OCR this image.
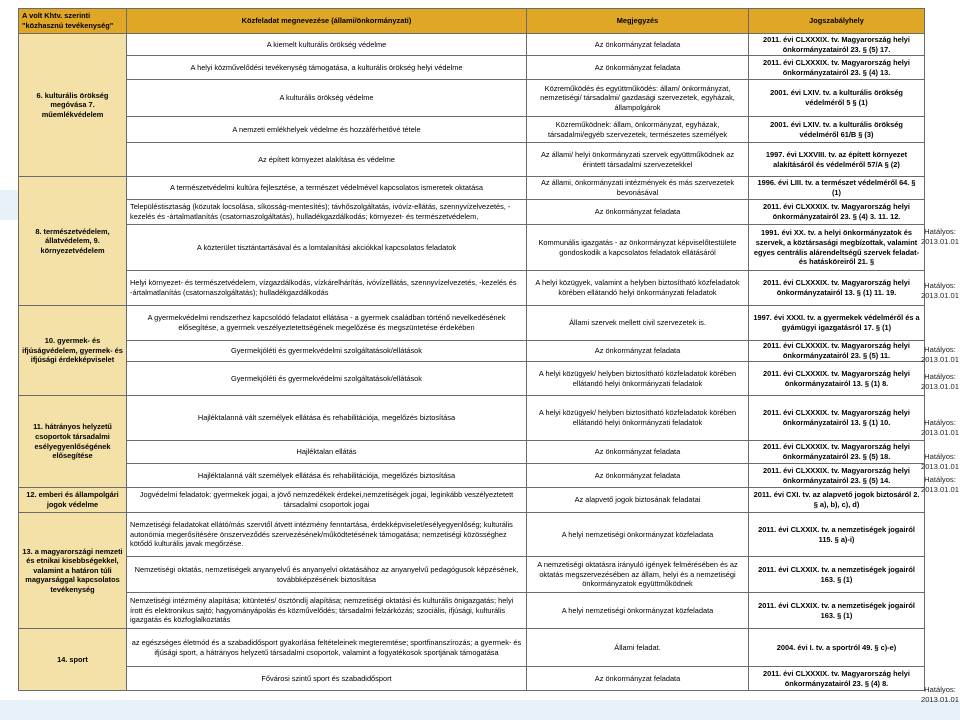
A volt Khtv. szerinti "közhasznú tevékenység"	Közfeladat megnevezése (állami/önkormányzati)	Megjegyzés	Jogszabályhely
6. kulturális örökség megóvása 7. műemlékvédelem	A kiemelt kulturális örökség védelme	Az önkormányzat feladata	2011. évi CLXXXIX. tv. Magyarország helyi önkormányzatairól 23. § (5) 17.
	A helyi közművelődési tevékenység támogatása, a kulturális örökség helyi védelme	Az önkormányzat feladata	2011. évi CLXXXIX. tv. Magyarország helyi önkormányzatairól 23. § (4) 13.
	A kulturális örökség védelme	Közreműködés és együttműködés: állam/ önkormányzat, nemzetiségi/ társadalmi/ gazdasági szervezetek, egyházak, állampolgárok	2001. évi LXIV. tv. a kulturális örökség védelméről 5 § (1)
	A nemzeti emlékhelyek védelme és hozzáférhetővé tétele	Közreműködnek: állam, önkormányzat, egyházak, társadalmi/egyéb szervezetek, természetes személyek	2001. évi LXIV. tv. a kulturális örökség védelméről 61/B § (3)
	Az épített környezet alakítása és védelme	Az állami/ helyi önkormányzati szervek együttműködnek az érintett társadalmi szervezetekkel	1997. évi LXXVIII. tv. az épített környezet alakításáról és védelméről 57/A § (2)
8. természetvédelem, állatvédelem, 9. környezetvédelem	A természetvédelmi kultúra fejlesztése, a természet védelmével kapcsolatos ismeretek oktatása	Az állami, önkormányzati intézmények és más szervezetek bevonásával	1996. évi LIII. tv. a természet védelméről 64. § (1)
	Településtisztaság (közutak locsolása, síkosság-mentesítés); távhőszolgáltatás, ivóvíz-ellátás, szennyvízelvezetés, -kezelés és -ártalmatlanítás (csatornaszolgáltatás), hulladékgazdálkodás; környezet- és természetvédelem,	Az önkormányzat feladata	2011. évi CLXXXIX. tv. Magyarország helyi önkormányzatairól 23. § (4) 3. 11. 12.
	A közterület tisztántartásával és a lomtalanítási akciókkal kapcsolatos feladatok	Kommunális igazgatás - az önkormányzat képviselőtestülete gondoskodik a kapcsolatos feladatok ellátásáról	1991. évi XX. tv. a helyi önkormányzatok és szervek, a köztársasági megbízottak, valamint egyes centrális alárendeltségű szervek feladat- és hatásköreiről 21. §
	Helyi környezet- és természetvédelem, vízgazdálkodás, vízkárelhárítás, ivóvízellátás, szennyvízelvezetés, -kezelés és -ártalmatlanítás (csatornaszolgáltatás); hulladékgazdálkodás	A helyi közügyek, valamint a helyben biztosítható közfeladatok körében ellátandó helyi önkormányzati feladatok	2011. évi CLXXXIX. tv. Magyarország helyi önkormányzatairól 13. § (1) 11. 19.
10. gyermek- és ifjúságvédelem, gyermek- és ifjúsági érdekképviselet	A gyermekvédelmi rendszerhez kapcsolódó feladatot ellátása - a gyermek családban történő nevelkedésének elősegítése, a gyermek veszélyeztetettségének megelőzése és megszüntetése érdekében	Állami szervek mellett civil szervezetek is.	1997. évi XXXI. tv. a gyermekek védelméről és a gyámügyi igazgatásról 17. § (1)
	Gyermekjóléti és gyermekvédelmi szolgáltatások/ellátások	Az önkormányzat feladata	2011. évi CLXXXIX. tv. Magyarország helyi önkormányzatairól 23. § (5) 11.
	Gyermekjóléti és gyermekvédelmi szolgáltatások/ellátások	A helyi közügyek/ helyben biztosítható közfeladatok körében ellátandó helyi önkormányzati feladatok	2011. évi CLXXXIX. tv. Magyarország helyi önkormányzatairól 13. § (1) 8.
11. hátrányos helyzetű csoportok társadalmi esélyegyenlőségének elősegítése	Hajléktalanná vált személyek ellátása és rehabilitációja, megelőzés biztosítása	A helyi közügyek/ helyben biztosítható közfeladatok körében ellátandó helyi önkormányzati feladatok	2011. évi CLXXXIX. tv. Magyarország helyi önkormányzatairól 13. § (1) 10.
	Hajléktalan ellátás	Az önkormányzat feladata	2011. évi CLXXXIX. tv. Magyarország helyi önkormányzatairól 23. § (5) 18.
	Hajléktalanná vált személyek ellátása és rehabilitációja, megelőzés biztosítása	Az önkormányzat feladata	2011. évi CLXXXIX. tv. Magyarország helyi önkormányzatairól 23. § (5) 14.
12. emberi és állampolgári jogok védelme	Jogvédelmi feladatok: gyermekek jogai, a jövő nemzedékek érdekei,nemzetiségek jogai, leginkább veszélyeztetett társadalmi csoportok jogai	Az alapvető jogok biztosának feladatai	2011. évi CXI. tv. az alapvető jogok biztosáról 2. § a), b), c), d)
13. a magyarországi nemzeti és etnikai kisebbségekkel, valamint a határon túli magyarsággal kapcsolatos tevékenység	Nemzetiségi feladatokat ellátó/más szervtől átvett intézmény fenntartása, érdekképviselet/esélyegyenlőség; kulturális autonómia megerősítésére önszerveződés szervezésének/működtetésének támogatása; nemzetiségi közösséghez kötődő kulturális javak megőrzése.	A helyi nemzetiségi önkormányzat közfeladata	2011. évi CLXXIX. tv. a nemzetiségek jogairól 115. § a)-i)
	Nemzetiségi oktatás, nemzetiségek anyanyelvű és anyanyelvi oktatásához az anyanyelvű pedagógusok képzésének, továbbképzésének biztosítása	A nemzetiségi oktatásra irányuló igények felmérésében és az oktatás megszervezésében az állam, helyi és a nemzetiségi önkormányzatok együttműködnek	2011. évi CLXXIX. tv. a nemzetiségek jogairól 163. § (1)
	Nemzetiségi intézmény alapítása; kitüntetés/ ösztöndíj alapítása; nemzetiségi oktatási és kulturális önigazgatás; helyi írott és elektronikus sajtó; hagyományápolás és közművelődés; társadalmi felzárkózás; szociális, ifjúsági, kulturális igazgatás és közfoglalkoztatás	A helyi nemzetiségi önkormányzat közfeladata	2011. évi CLXXIX. tv. a nemzetiségek jogairól 163. § (1)
14. sport	az egészséges életmód és a szabadidősport gyakorlása feltételeinek megteremtése; sportfinanszírozás; a gyermek- és ifjúsági sport, a hátrányos helyzetű társadalmi csoportok, valamint a fogyatékosok sportjának támogatása	Állami feladat.	2004. évi I. tv. a sportról 49. § c)-e)
	Fővárosi szintű sport és szabadidősport	Az önkormányzat feladata	2011. évi CLXXXIX. tv. Magyarország helyi önkormányzatairól 23. § (4) 8.
Hatályos: 2013.01.01
Hatályos: 2013.01.01
Hatályos: 2013.01.01
Hatályos: 2013.01.01
Hatályos: 2013.01.01
Hatályos: 2013.01.01
Hatályos: 2013.01.01
Hatályos: 2013.01.01
